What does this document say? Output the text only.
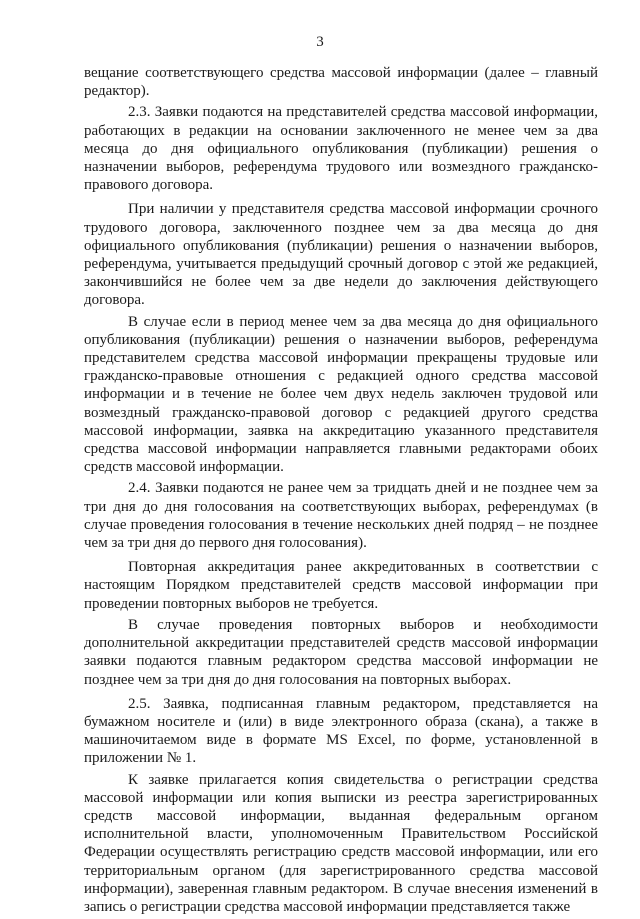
3

вещание соответствующего средства массовой информации (далее – главный редактор).

2.3. Заявки подаются на представителей средства массовой информации, работающих в редакции на основании заключенного не менее чем за два месяца до дня официального опубликования (публикации) решения о назначении выборов, референдума трудового или возмездного гражданско-правового договора.

При наличии у представителя средства массовой информации срочного трудового договора, заключенного позднее чем за два месяца до дня официального опубликования (публикации) решения о назначении выборов, референдума, учитывается предыдущий срочный договор с этой же редакцией, закончившийся не более чем за две недели до заключения действующего договора.

В случае если в период менее чем за два месяца до дня официального опубликования (публикации) решения о назначении выборов, референдума представителем средства массовой информации прекращены трудовые или гражданско-правовые отношения с редакцией одного средства массовой информации и в течение не более чем двух недель заключен трудовой или возмездный гражданско-правовой договор с редакцией другого средства массовой информации, заявка на аккредитацию указанного представителя средства массовой информации направляется главными редакторами обоих средств массовой информации.

2.4. Заявки подаются не ранее чем за тридцать дней и не позднее чем за три дня до дня голосования на соответствующих выборах, референдумах (в случае проведения голосования в течение нескольких дней подряд – не позднее чем за три дня до первого дня голосования).

Повторная аккредитация ранее аккредитованных в соответствии с настоящим Порядком представителей средств массовой информации при проведении повторных выборов не требуется.

В случае проведения повторных выборов и необходимости дополнительной аккредитации представителей средств массовой информации заявки подаются главным редактором средства массовой информации не позднее чем за три дня до дня голосования на повторных выборах.

2.5. Заявка, подписанная главным редактором, представляется на бумажном носителе и (или) в виде электронного образа (скана), а также в машиночитаемом виде в формате MS Excel, по форме, установленной в приложении № 1.

К заявке прилагается копия свидетельства о регистрации средства массовой информации или копия выписки из реестра зарегистрированных средств массовой информации, выданная федеральным органом исполнительной власти, уполномоченным Правительством Российской Федерации осуществлять регистрацию средств массовой информации, или его территориальным органом (для зарегистрированного средства массовой информации), заверенная главным редактором. В случае внесения изменений в запись о регистрации средства массовой информации представляется также
